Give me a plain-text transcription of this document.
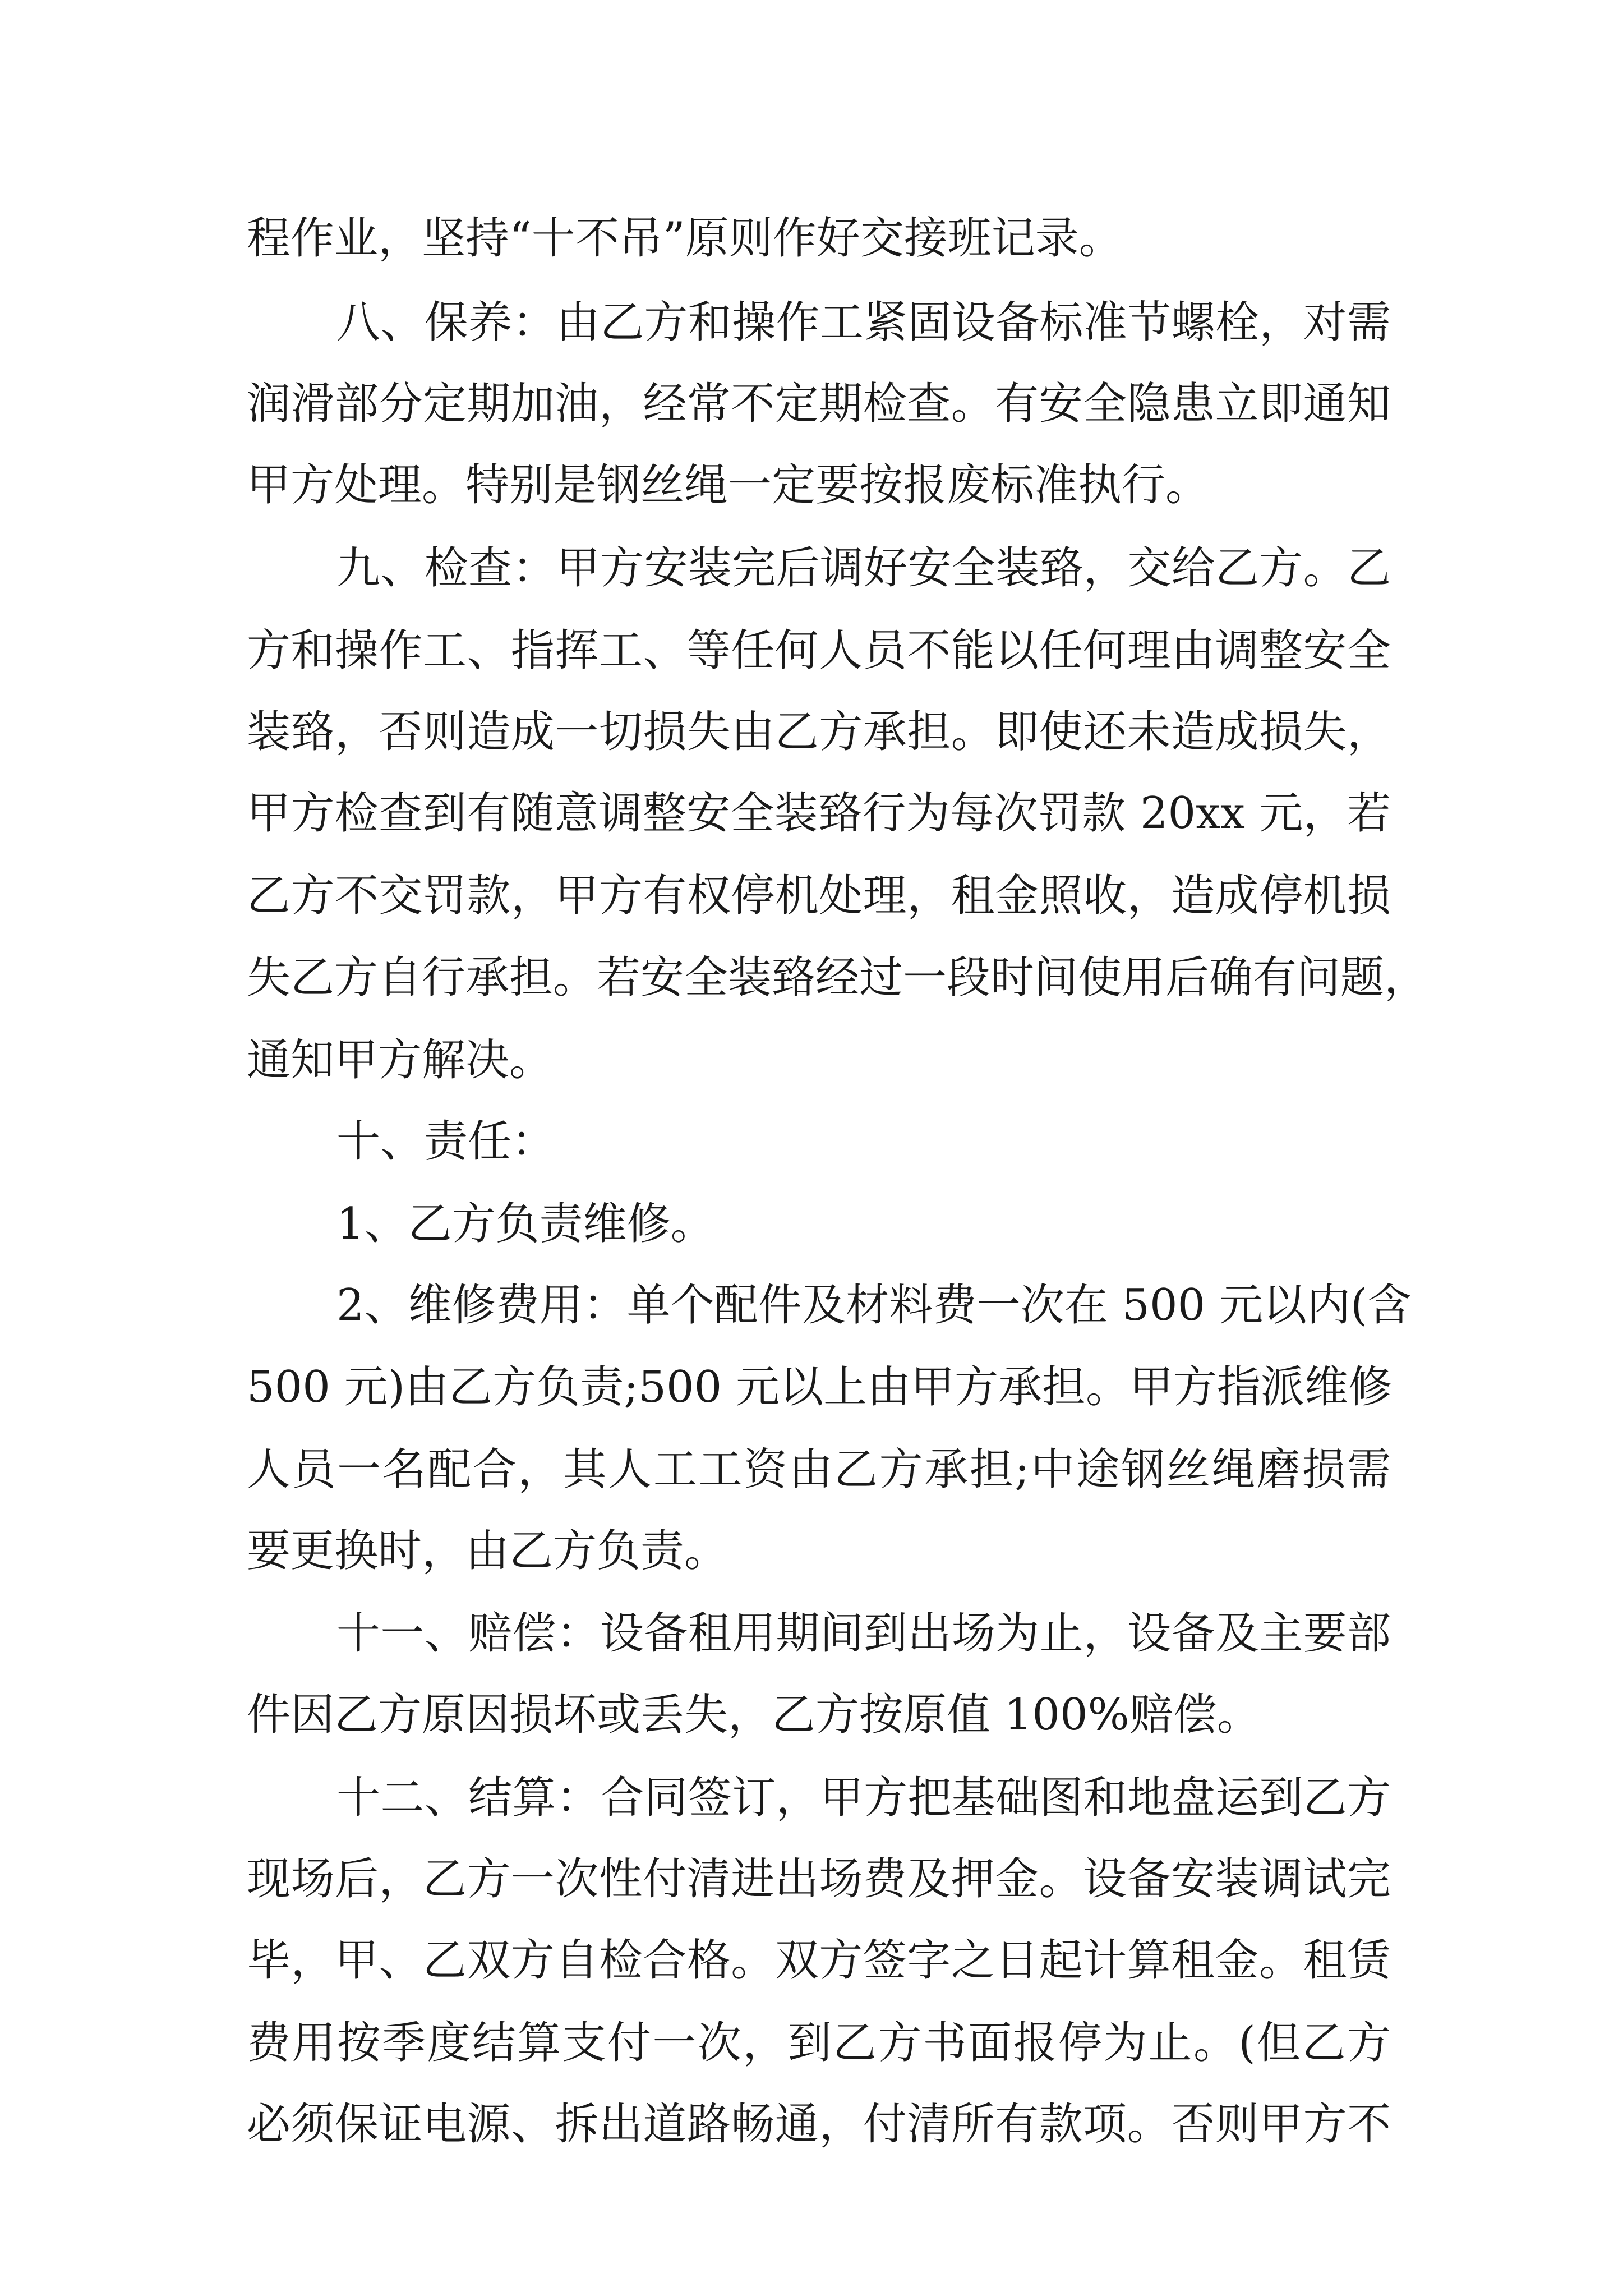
程作业，坚持“十不吊”原则作好交接班记录。
八、保养：由乙方和操作工紧固设备标准节螺栓，对需
润滑部分定期加油，经常不定期检查。有安全隐患立即通知
甲方处理。特别是钢丝绳一定要按报废标准执行。
九、检查：甲方安装完后调好安全装臵，交给乙方。乙
方和操作工、指挥工、等任何人员不能以任何理由调整安全
装臵，否则造成一切损失由乙方承担。即使还未造成损失，
甲方检查到有随意调整安全装臵行为每次罚款 20xx 元，若
乙方不交罚款，甲方有权停机处理，租金照收，造成停机损
失乙方自行承担。若安全装臵经过一段时间使用后确有问题，
通知甲方解决。
十、责任：
1、乙方负责维修。
2、维修费用：单个配件及材料费一次在 500 元以内(含
500 元)由乙方负责;500 元以上由甲方承担。甲方指派维修
人员一名配合，其人工工资由乙方承担;中途钢丝绳磨损需
要更换时，由乙方负责。
十一、赔偿：设备租用期间到出场为止，设备及主要部
件因乙方原因损坏或丢失，乙方按原值 100%赔偿。
十二、结算：合同签订，甲方把基础图和地盘运到乙方
现场后，乙方一次性付清进出场费及押金。设备安装调试完
毕，甲、乙双方自检合格。双方签字之日起计算租金。租赁
费用按季度结算支付一次，到乙方书面报停为止。(但乙方
必须保证电源、拆出道路畅通，付清所有款项。否则甲方不
